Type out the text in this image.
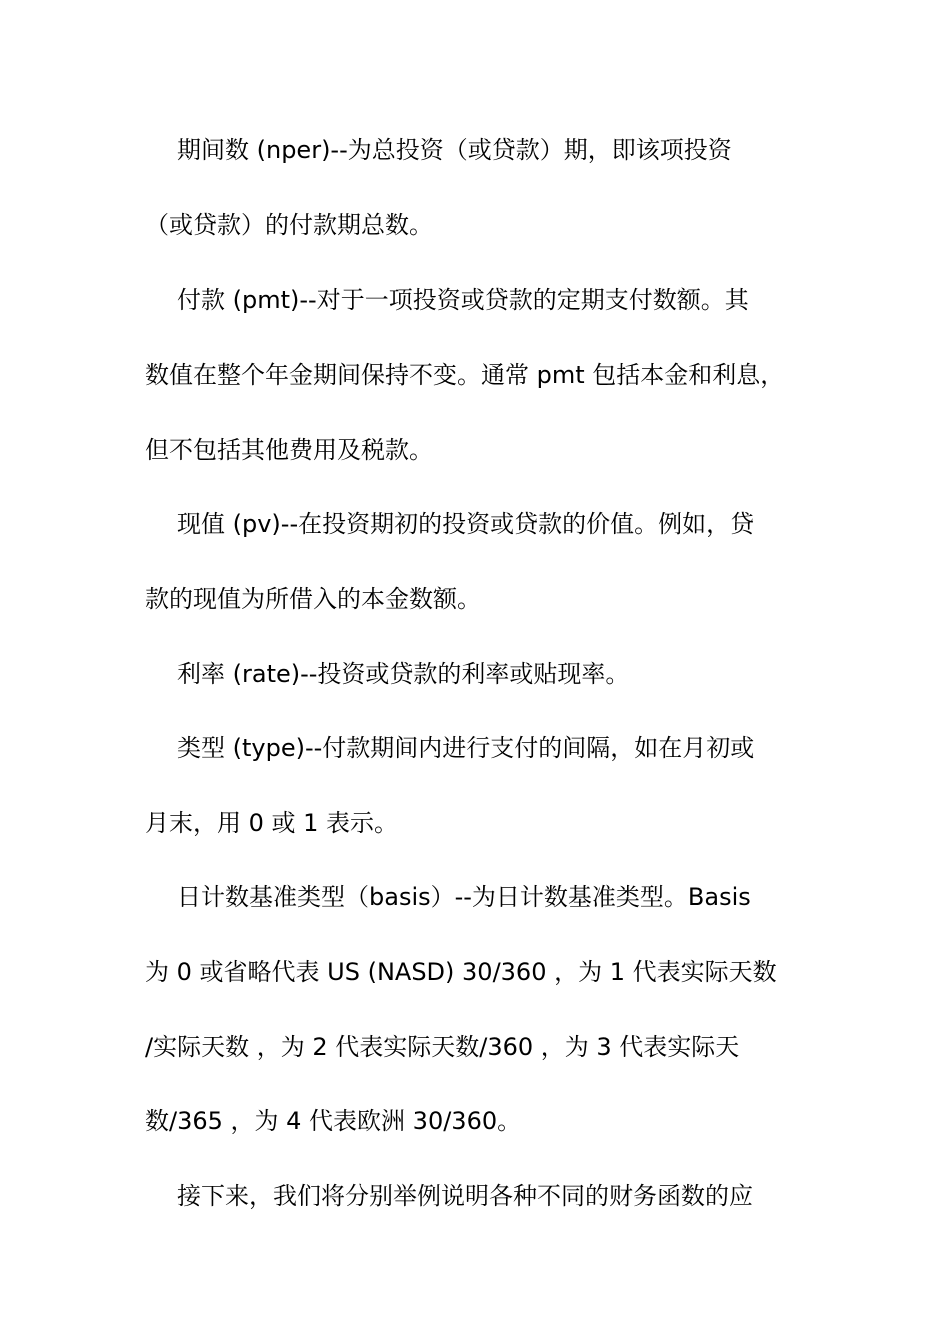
期间数 (nper)--为总投资（或贷款）期，即该项投资
（或贷款）的付款期总数。
付款 (pmt)--对于一项投资或贷款的定期支付数额。其
数值在整个年金期间保持不变。通常 pmt 包括本金和利息，
但不包括其他费用及税款。
现值 (pv)--在投资期初的投资或贷款的价值。例如，贷
款的现值为所借入的本金数额。
利率 (rate)--投资或贷款的利率或贴现率。
类型 (type)--付款期间内进行支付的间隔，如在月初或
月末，用 0 或 1 表示。
日计数基准类型（basis）--为日计数基准类型。Basis
为 0 或省略代表 US (NASD) 30/360 ，为 1 代表实际天数
/实际天数 ，为 2 代表实际天数/360 ，为 3 代表实际天
数/365 ，为 4 代表欧洲 30/360。
接下来，我们将分别举例说明各种不同的财务函数的应
